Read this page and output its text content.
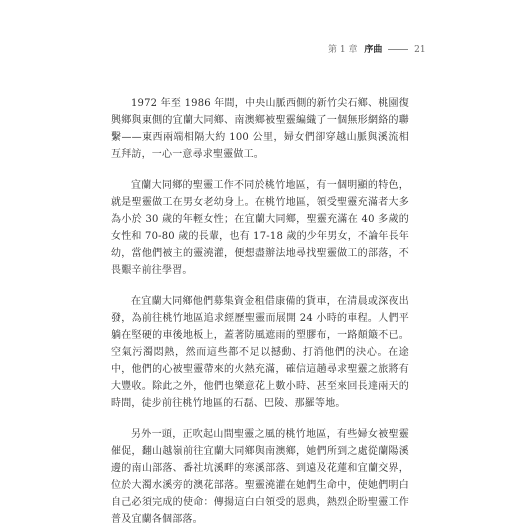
第 1 章 序曲	21

1972 年至 1986 年間，中央山脈西側的新竹尖石鄉、桃園復興鄉與東側的宜蘭大同鄉、南澳鄉被聖靈編織了一個無形網絡的聯繫——東西兩端相隔大約 100 公里，婦女們卻穿越山脈與溪流相互拜訪，一心一意尋求聖靈做工。

宜蘭大同鄉的聖靈工作不同於桃竹地區，有一個明顯的特色，就是聖靈做工在男女老幼身上。在桃竹地區，領受聖靈充滿者大多為小於 30 歲的年輕女性；在宜蘭大同鄉，聖靈充滿在 40 多歲的女性和 70-80 歲的長輩，也有 17-18 歲的少年男女，不論年長年幼，當他們被主的靈澆灌，便想盡辦法地尋找聖靈做工的部落，不畏艱辛前往學習。

在宜蘭大同鄉他們募集資金租借康備的貨車，在清晨或深夜出發，為前往桃竹地區追求經歷聖靈而展開 24 小時的車程。人們平躺在堅硬的車後地板上，蓋著防風遮雨的塑膠布，一路顛簸不已。空氣污濁悶熱，然而這些都不足以撼動、打消他們的決心。在途中，他們的心被聖靈帶來的火熱充滿，確信這趟尋求聖靈之旅將有大豐收。除此之外，他們也樂意花上數小時、甚至來回長達兩天的時間，徒步前往桃竹地區的石磊、巴陵、那羅等地。

另外一頭，正吹起山間聖靈之風的桃竹地區，有些婦女被聖靈催促，翻山越嶺前往宜蘭大同鄉與南澳鄉，她們所到之處從蘭陽溪邊的南山部落、番社坑溪畔的寒溪部落、到遠及花蓮和宜蘭交界，位於大濁水溪旁的澳花部落。聖靈澆灌在她們生命中，使她們明白自己必須完成的使命：傳揚這白白領受的恩典，熱烈企盼聖靈工作普及宜蘭各個部落。
